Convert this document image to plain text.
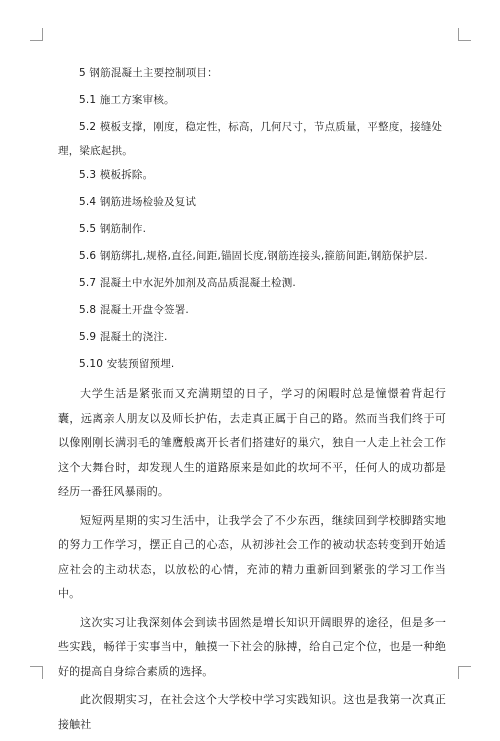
5 钢筋混凝土主要控制项目：

5.1 施工方案审核。

5.2 模板支撑，刚度，稳定性，标高，几何尺寸，节点质量，平整度，接缝处理，梁底起拱。

5.3 模板拆除。

5.4 钢筋进场检验及复试

5.5 钢筋制作.

5.6 钢筋绑扎,规格,直径,间距,锚固长度,钢筋连接头,箍筋间距,钢筋保护层.

5.7 混凝土中水泥外加剂及高品质混凝土检测.

5.8 混凝土开盘令签署.

5.9 混凝土的浇注.

5.10 安装预留预埋.

大学生活是紧张而又充满期望的日子，学习的闲暇时总是憧憬着背起行囊，远离亲人朋友以及师长护佑，去走真正属于自己的路。然而当我们终于可以像刚刚长满羽毛的雏鹰般离开长者们搭建好的巢穴，独自一人走上社会工作这个大舞台时，却发现人生的道路原来是如此的坎坷不平，任何人的成功都是经历一番狂风暴雨的。

短短两星期的实习生活中，让我学会了不少东西，继续回到学校脚踏实地的努力工作学习，摆正自己的心态，从初涉社会工作的被动状态转变到开始适应社会的主动状态，以放松的心情，充沛的精力重新回到紧张的学习工作当中。

这次实习让我深刻体会到读书固然是增长知识开阔眼界的途径，但是多一些实践，畅徉于实事当中，触摸一下社会的脉搏，给自己定个位，也是一种绝好的提高自身综合素质的选择。

此次假期实习，在社会这个大学校中学习实践知识。这也是我第一次真正接触社
